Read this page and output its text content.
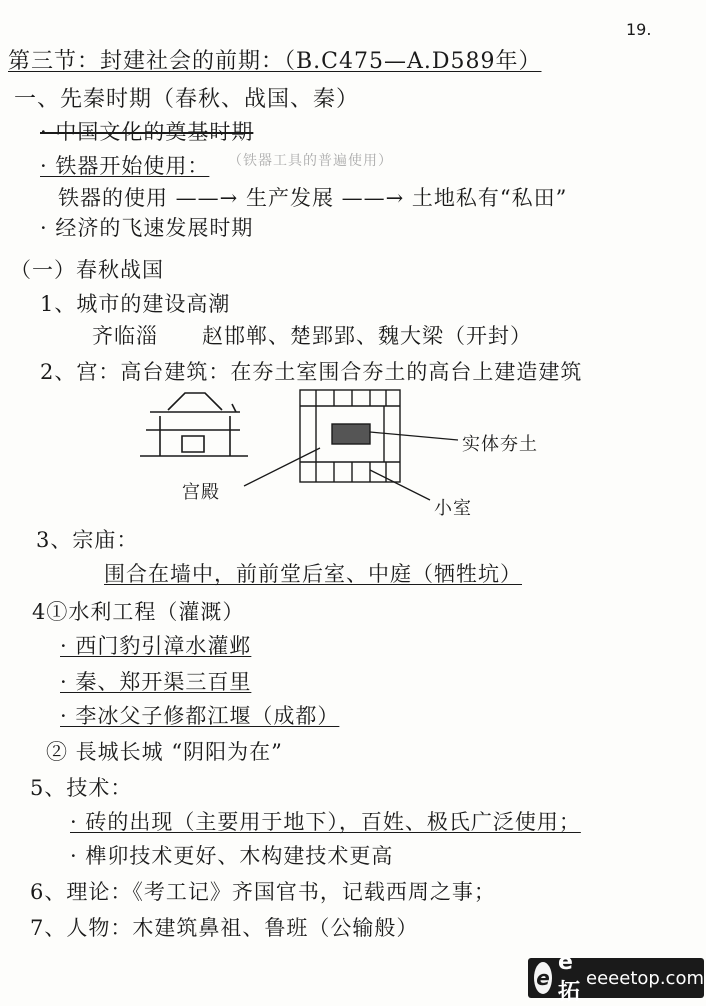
19.
第三节：封建社会的前期：（B.C475—A.D589年）
一、先秦时期（春秋、战国、秦）
· 中国文化的奠基时期
· 铁器开始使用： （铁器工具的普遍使用）
铁器的使用 ——→ 生产发展 ——→ 土地私有“私田”
· 经济的飞速发展时期
（一）春秋战国
1、城市的建设高潮
齐临淄　　赵邯郸、楚郢郢、魏大梁（开封）
2、宫：高台建筑：在夯土室围合夯土的高台上建造建筑
实体夯土
宫殿
小室
3、宗庙：
围合在墙中，前前堂后室、中庭（牺牲坑）
4①水利工程（灌溉）
· 西门豹引漳水灌邺
· 秦、郑开渠三百里
· 李冰父子修都江堰（成都）
② 長城长城 “阴阳为在”
5、技术：
· 砖的出现（主要用于地下），百姓、极氏广泛使用；
· 榫卯技术更好、木构建技术更高
6、理论：《考工记》齐国官书，记载西周之事；
7、人物：木建筑鼻祖、鲁班（公输般）
e
e拓
eeeetop.com
